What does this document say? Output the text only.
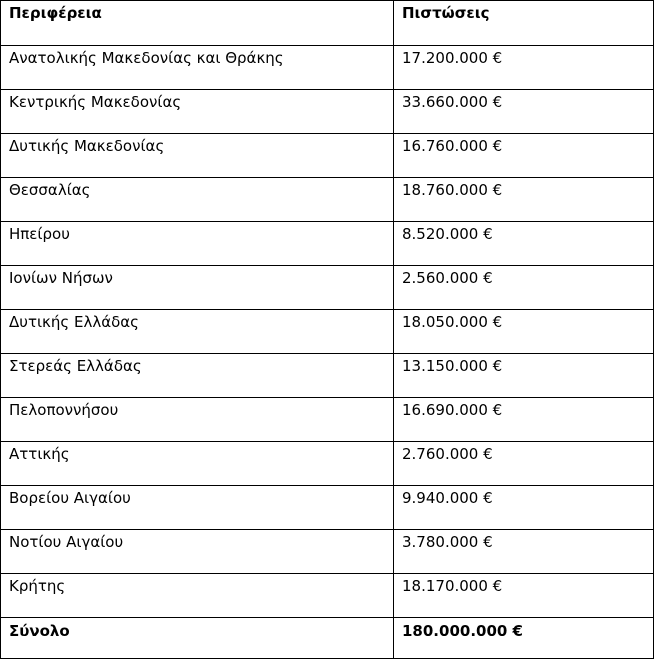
Περιφέρεια	Πιστώσεις
Ανατολικής Μακεδονίας και Θράκης	17.200.000 €
Κεντρικής Μακεδονίας	33.660.000 €
Δυτικής Μακεδονίας	16.760.000 €
Θεσσαλίας	18.760.000 €
Ηπείρου	8.520.000 €
Ιονίων Νήσων	2.560.000 €
Δυτικής Ελλάδας	18.050.000 €
Στερεάς Ελλάδας	13.150.000 €
Πελοποννήσου	16.690.000 €
Αττικής	2.760.000 €
Βορείου Αιγαίου	9.940.000 €
Νοτίου Αιγαίου	3.780.000 €
Κρήτης	18.170.000 €
Σύνολο	180.000.000 €
